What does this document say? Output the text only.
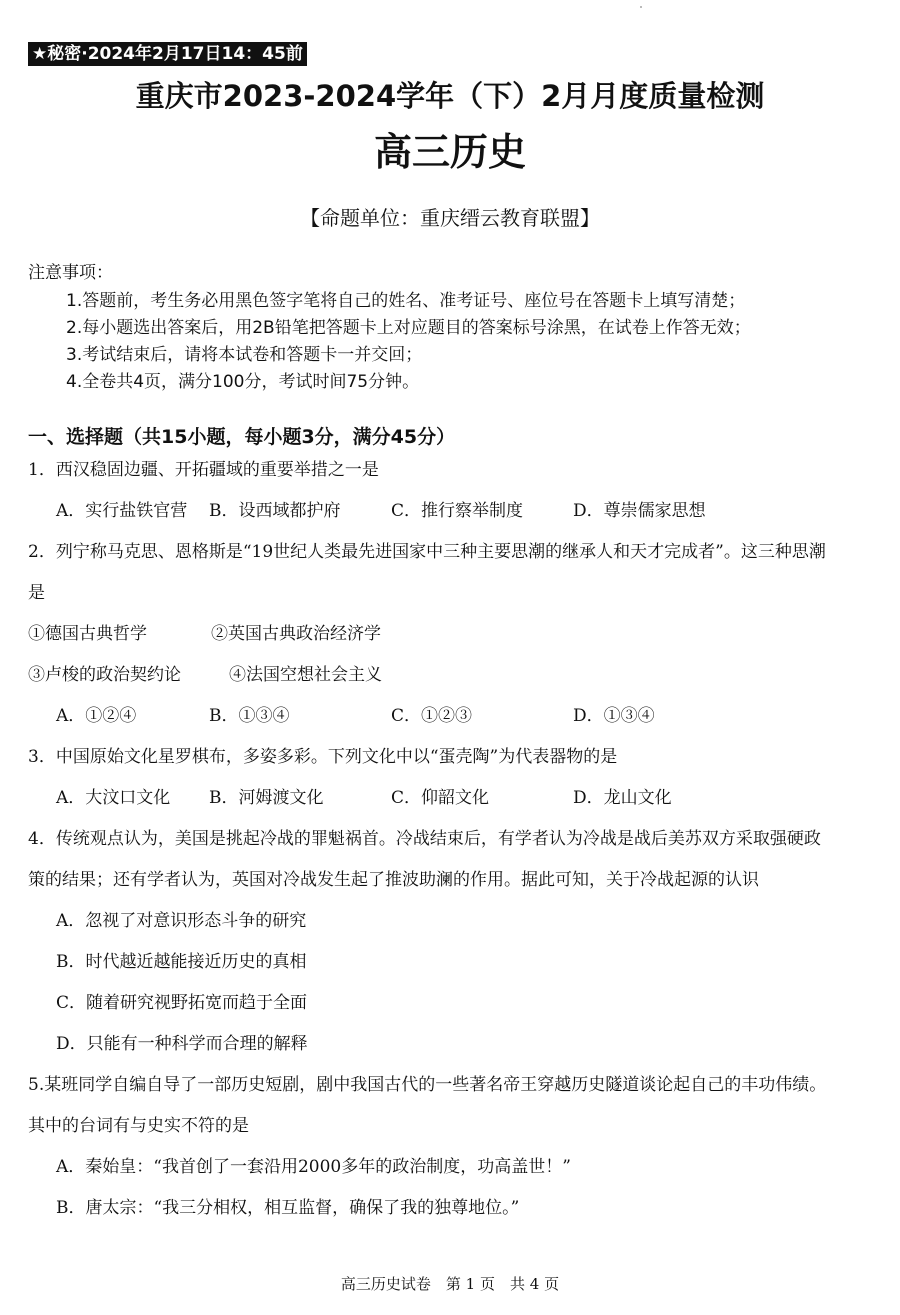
★秘密·2024年2月17日14：45前
重庆市2023-2024学年（下）2月月度质量检测
高三历史
【命题单位：重庆缙云教育联盟】
注意事项：
1.答题前，考生务必用黑色签字笔将自己的姓名、准考证号、座位号在答题卡上填写清楚；
2.每小题选出答案后，用2B铅笔把答题卡上对应题目的答案标号涂黑，在试卷上作答无效；
3.考试结束后，请将本试卷和答题卡一并交回；
4.全卷共4页，满分100分，考试时间75分钟。
一、选择题（共15小题，每小题3分，满分45分）
1．西汉稳固边疆、开拓疆域的重要举措之一是
A．实行盐铁官营 B．设西域都护府	C．推行察举制度	D．尊崇儒家思想
2．列宁称马克思、恩格斯是“19世纪人类最先进国家中三种主要思潮的继承人和天才完成者”。这三种思潮
是
①德国古典哲学	②英国古典政治经济学
③卢梭的政治契约论	④法国空想社会主义
A．①②④	B．①③④	C．①②③	D．①③④
3．中国原始文化星罗棋布，多姿多彩。下列文化中以“蛋壳陶”为代表器物的是
A．大汶口文化 B．河姆渡文化	C．仰韶文化	D．龙山文化
4．传统观点认为，美国是挑起冷战的罪魁祸首。冷战结束后，有学者认为冷战是战后美苏双方采取强硬政
策的结果；还有学者认为，英国对冷战发生起了推波助澜的作用。据此可知，关于冷战起源的认识
A．忽视了对意识形态斗争的研究
B．时代越近越能接近历史的真相
C．随着研究视野拓宽而趋于全面
D．只能有一种科学而合理的解释
5.某班同学自编自导了一部历史短剧，剧中我国古代的一些著名帝王穿越历史隧道谈论起自己的丰功伟绩。
其中的台词有与史实不符的是
A．秦始皇：“我首创了一套沿用2000多年的政治制度，功高盖世！”
B．唐太宗：“我三分相权，相互监督，确保了我的独尊地位。”
高三历史试卷　第 1 页　共 4 页
